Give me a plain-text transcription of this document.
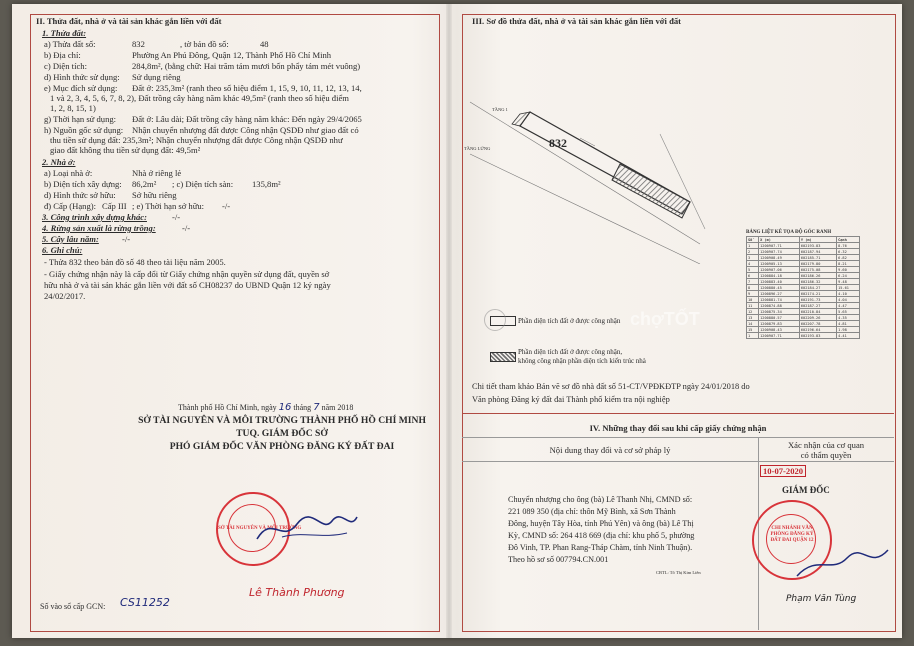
II. Thửa đất, nhà ở và tài sản khác gắn liền với đất
1. Thửa đất:
a) Thửa đất số:	832	, tờ bản đồ số:	48
b) Địa chỉ:	Phường An Phú Đông, Quận 12, Thành Phố Hồ Chí Minh
c) Diện tích:	284,8m², (bằng chữ: Hai trăm tám mươi bốn phẩy tám mét vuông)
d) Hình thức sử dụng: Sử dụng riêng
e) Mục đích sử dụng: Đất ở: 235,3m² (ranh theo số hiệu điểm 1, 15, 9, 10, 11, 12, 13, 14,
1 và 2, 3, 4, 5, 6, 7, 8, 2), Đất trồng cây hàng năm khác 49,5m² (ranh theo số hiệu điểm
1, 2, 8, 15, 1)
g) Thời hạn sử dụng: Đất ở: Lâu dài; Đất trồng cây hàng năm khác: Đến ngày 29/4/2065
h) Nguồn gốc sử dụng: Nhận chuyển nhượng đất được Công nhận QSDĐ như giao đất có
thu tiền sử dụng đất: 235,3m²; Nhận chuyển nhượng đất được Công nhận QSDĐ như
giao đất không thu tiền sử dụng đất: 49,5m²
2. Nhà ở:
a) Loại nhà ở:	Nhà ở riêng lẻ
b) Diện tích xây dựng: 86,2m² ; c) Diện tích sàn: 135,8m²
d) Hình thức sở hữu: Sở hữu riêng
đ) Cấp (Hạng): Cấp III ; e) Thời hạn sở hữu: -/-
3. Công trình xây dựng khác:	-/-
4. Rừng sản xuất là rừng trồng:	-/-
5. Cây lâu năm:	-/-
6. Ghi chú:
- Thửa 832 theo bản đồ số 48 theo tài liệu năm 2005.
- Giấy chứng nhận này là cấp đổi từ Giấy chứng nhận quyền sử dụng đất, quyền sở
hữu nhà ở và tài sản khác gắn liền với đất số CH08237 do UBND Quận 12 ký ngày
24/02/2017.
Thành phố Hồ Chí Minh, ngày 16 tháng 7 năm 2018
SỞ TÀI NGUYÊN VÀ MÔI TRƯỜNG THÀNH PHỐ HỒ CHÍ MINH
TUQ. GIÁM ĐỐC SỞ
PHÓ GIÁM ĐỐC VĂN PHÒNG ĐĂNG KÝ ĐẤT ĐAI
SỞ TÀI NGUYÊN VÀ MÔI TRƯỜNG
Lê Thành Phương
Số vào sổ cấp GCN: CS11252
III. Sơ đồ thửa đất, nhà ở và tài sản khác gắn liền với đất
832
TẦNG 1
TẦNG LỬNG
BẢNG LIỆT KÊ TỌA ĐỘ GÓC RANH
Số	X (m)	Y (m)	Cạnh
1	1200907.71	602193.83	8.76
2	1200907.74	602187.94	6.32
3	1200908.49	602185.71	6.82
4	1200905.13	602179.80	8.21
5	1200907.06	602175.08	9.60
6	1200884.18	602186.26	6.24
7	1200883.40	602186.32	9.48
8	1200880.45	602184.27	15.61
9	1200896.27	602174.21	4.10
10	1200881.74	602191.73	4.04
11	1200874.88	602187.27	4.47
12	1200875.34	602210.84	5.65
13	1200880.57	602209.26	4.35
14	1200879.83	602207.78	4.81
15	1200908.43	602196.64	1.98
1	1200907.71	602193.83	4.41
Phần diện tích đất ở được công nhận
Phần diện tích đất ở được công nhận,
không công nhận phần diện tích kiến trúc nhà
chợTỐT
Chi tiết tham khảo Bản vẽ sơ đồ nhà đất số 51-CT/VPĐKĐTP ngày 24/01/2018 do
Văn phòng Đăng ký đất đai Thành phố kiểm tra nội nghiệp
IV. Những thay đổi sau khi cấp giấy chứng nhận
Nội dung thay đổi và cơ sở pháp lý	Xác nhận của cơ quan
có thẩm quyền
Chuyển nhượng cho ông (bà) Lê Thanh Nhị, CMND số:
221 089 350 (địa chỉ: thôn Mỹ Bình, xã Sơn Thành
Đông, huyện Tây Hòa, tỉnh Phú Yên) và ông (bà) Lê Thị
Kỳ, CMND số: 264 418 669 (địa chỉ: khu phố 5, phường
Đô Vinh, TP. Phan Rang-Tháp Chàm, tỉnh Ninh Thuận).
Theo hồ sơ số 007794.CN.001
CBTL: Tô Thị Kim Liên
10-07-2020
GIÁM ĐỐC
CHI NHÁNH VĂN PHÒNG ĐĂNG KÝ ĐẤT ĐAI QUẬN 12
Phạm Văn Tùng
